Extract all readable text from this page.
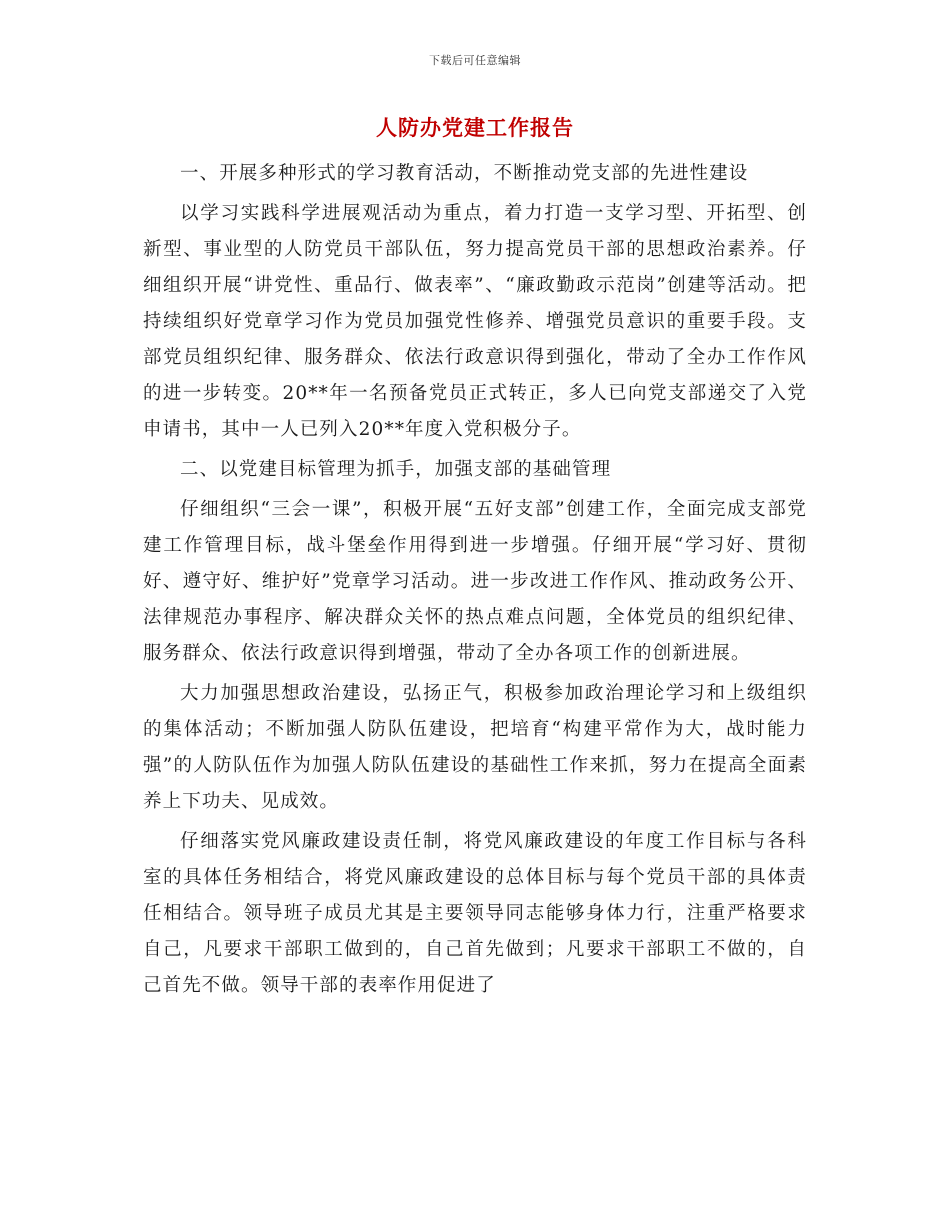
下载后可任意编辑
人防办党建工作报告

一、开展多种形式的学习教育活动，不断推动党支部的先进性建设

以学习实践科学进展观活动为重点，着力打造一支学习型、开拓型、创新型、事业型的人防党员干部队伍，努力提高党员干部的思想政治素养。仔细组织开展“讲党性、重品行、做表率”、“廉政勤政示范岗”创建等活动。把持续组织好党章学习作为党员加强党性修养、增强党员意识的重要手段。支部党员组织纪律、服务群众、依法行政意识得到强化，带动了全办工作作风的进一步转变。20**年一名预备党员正式转正，多人已向党支部递交了入党申请书，其中一人已列入20**年度入党积极分子。

二、以党建目标管理为抓手，加强支部的基础管理

仔细组织“三会一课”，积极开展“五好支部”创建工作，全面完成支部党建工作管理目标，战斗堡垒作用得到进一步增强。仔细开展“学习好、贯彻好、遵守好、维护好”党章学习活动。进一步改进工作作风、推动政务公开、法律规范办事程序、解决群众关怀的热点难点问题，全体党员的组织纪律、服务群众、依法行政意识得到增强，带动了全办各项工作的创新进展。

大力加强思想政治建设，弘扬正气，积极参加政治理论学习和上级组织的集体活动；不断加强人防队伍建设，把培育“构建平常作为大，战时能力强”的人防队伍作为加强人防队伍建设的基础性工作来抓，努力在提高全面素养上下功夫、见成效。

仔细落实党风廉政建设责任制，将党风廉政建设的年度工作目标与各科室的具体任务相结合，将党风廉政建设的总体目标与每个党员干部的具体责任相结合。领导班子成员尤其是主要领导同志能够身体力行，注重严格要求自己，凡要求干部职工做到的，自己首先做到；凡要求干部职工不做的，自己首先不做。领导干部的表率作用促进了
